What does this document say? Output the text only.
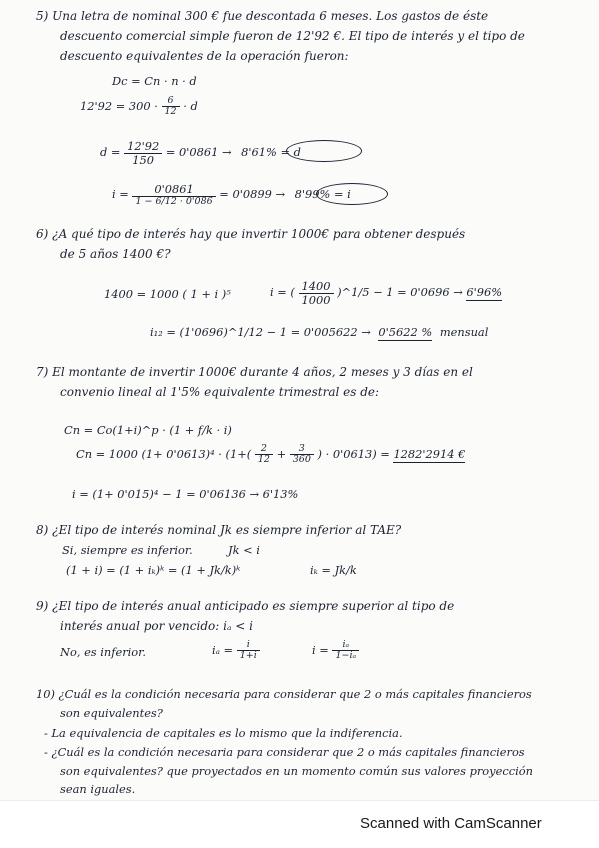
5) Una letra de nominal 300 € fue descontada 6 meses. Los gastos de éste
descuento comercial simple fueron de 12'92 €. El tipo de interés y el tipo de
descuento equivalentes de la operación fueron:
Dc = Cn · n · d
$12'92 = 300 \cdot \frac{6}{12} \cdot d$
$d = \frac{12'92}{150} = 0'0861 \to 8'61\% = d$
$i = \frac{0'0861}{1 - 6/12 \cdot 0'086} = 0'0899 \to 8'99\% = i$
6) ¿A qué tipo de interés hay que invertir 1000€ para obtener después
de 5 años 1400 €?
1400 = 1000 ( 1 + i )⁵	i = ( $\frac{1400}{1000}$ )^1/5 − 1 = 0'0696 → 6'96%
i₁₂ = (1'0696)^1/12 − 1 = 0'005622 → 0'5622 % mensual
7) El montante de invertir 1000€ durante 4 años, 2 meses y 3 días en el
convenio lineal al 1'5% equivalente trimestral es de:
Cn = Co(1+i)^p · (1 + f/k · i)
Cn = 1000 $(1+ 0'0613)^4 \cdot (1+( \frac{2}{12} + \frac{3}{360}$ ) · 0'0613) = 1282'2914 €
i = (1+ 0'015)⁴ − 1 = 0'06136 → 6'13%
8) ¿El tipo de interés nominal Jk es siempre inferior al TAE?
Si, siempre es inferior.	Jk < i
(1 + i) = (1 + iₖ)ᵏ = (1 + Jk/k)ᵏ	iₖ = Jk/k
9) ¿El tipo de interés anual anticipado es siempre superior al tipo de
interés anual por vencido: iₐ < i
No, es inferior.	$i_a = \frac{i}{1+i}$	$i = \frac{\text{iₐ}}{\text{1−iₐ}}$
10) ¿Cuál es la condición necesaria para considerar que 2 o más capitales financieros
son equivalentes?
- La equivalencia de capitales es lo mismo que la indiferencia.
- ¿Cuál es la condición necesaria para considerar que 2 o más capitales financieros
son equivalentes? que proyectados en un momento común sus valores proyección
sean iguales.
Scanned with CamScanner
